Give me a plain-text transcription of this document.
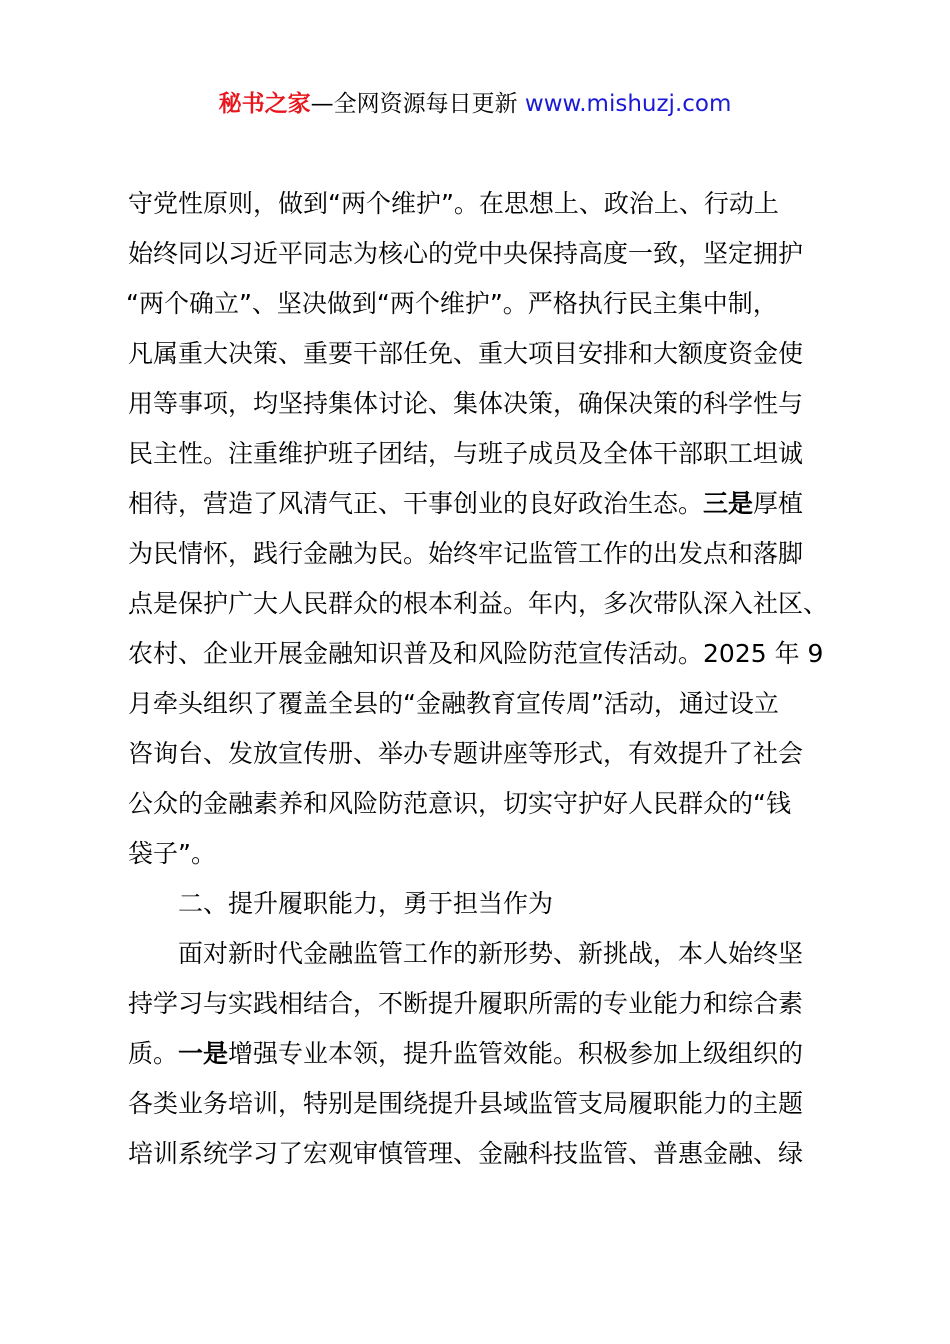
秘书之家—全网资源每日更新 www.mishuzj.com
守党性原则，做到“两个维护”。在思想上、政治上、行动上
始终同以习近平同志为核心的党中央保持高度一致，坚定拥护
“两个确立”、坚决做到“两个维护”。严格执行民主集中制，
凡属重大决策、重要干部任免、重大项目安排和大额度资金使
用等事项，均坚持集体讨论、集体决策，确保决策的科学性与
民主性。注重维护班子团结，与班子成员及全体干部职工坦诚
相待，营造了风清气正、干事创业的良好政治生态。三是厚植
为民情怀，践行金融为民。始终牢记监管工作的出发点和落脚
点是保护广大人民群众的根本利益。年内，多次带队深入社区、
农村、企业开展金融知识普及和风险防范宣传活动。2025 年 9
月牵头组织了覆盖全县的“金融教育宣传周”活动，通过设立
咨询台、发放宣传册、举办专题讲座等形式，有效提升了社会
公众的金融素养和风险防范意识，切实守护好人民群众的“钱
袋子”。
二、提升履职能力，勇于担当作为
面对新时代金融监管工作的新形势、新挑战，本人始终坚
持学习与实践相结合，不断提升履职所需的专业能力和综合素
质。一是增强专业本领，提升监管效能。积极参加上级组织的
各类业务培训，特别是围绕提升县域监管支局履职能力的主题
培训系统学习了宏观审慎管理、金融科技监管、普惠金融、绿
